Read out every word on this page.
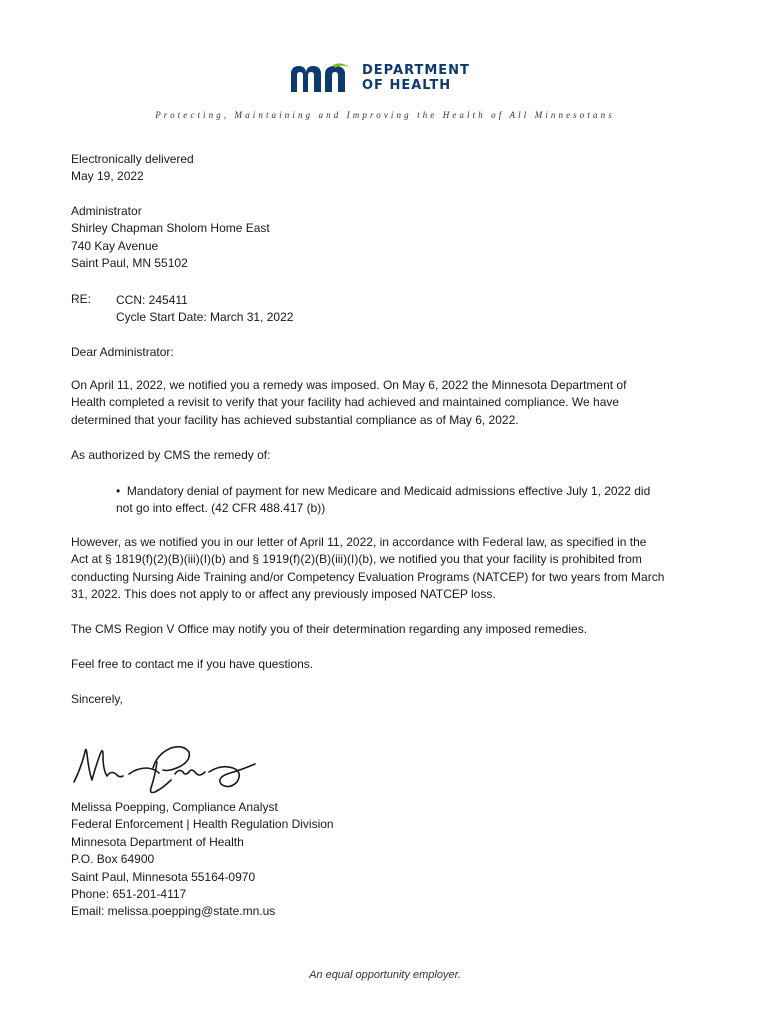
DEPARTMENT
OF HEALTH
Protecting, Maintaining and Improving the Health of All Minnesotans
Electronically delivered
May 19, 2022
Administrator
Shirley Chapman Sholom Home East
740 Kay Avenue
Saint Paul, MN 55102
RE: CCN: 245411
Cycle Start Date: March 31, 2022
Dear Administrator:
On April 11, 2022, we notified you a remedy was imposed. On May 6, 2022 the Minnesota Department of
Health completed a revisit to verify that your facility had achieved and maintained compliance. We have
determined that your facility has achieved substantial compliance as of May 6, 2022.
As authorized by CMS the remedy of:
• Mandatory denial of payment for new Medicare and Medicaid admissions effective July 1, 2022 did
not go into effect. (42 CFR 488.417 (b))
However, as we notified you in our letter of April 11, 2022, in accordance with Federal law, as specified in the
Act at § 1819(f)(2)(B)(iii)(I)(b) and § 1919(f)(2)(B)(iii)(I)(b), we notified you that your facility is prohibited from
conducting Nursing Aide Training and/or Competency Evaluation Programs (NATCEP) for two years from March
31, 2022. This does not apply to or affect any previously imposed NATCEP loss.
The CMS Region V Office may notify you of their determination regarding any imposed remedies.
Feel free to contact me if you have questions.
Sincerely,
Melissa Poepping, Compliance Analyst
Federal Enforcement | Health Regulation Division
Minnesota Department of Health
P.O. Box 64900
Saint Paul, Minnesota 55164-0970
Phone: 651-201-4117
Email: melissa.poepping@state.mn.us
An equal opportunity employer.
